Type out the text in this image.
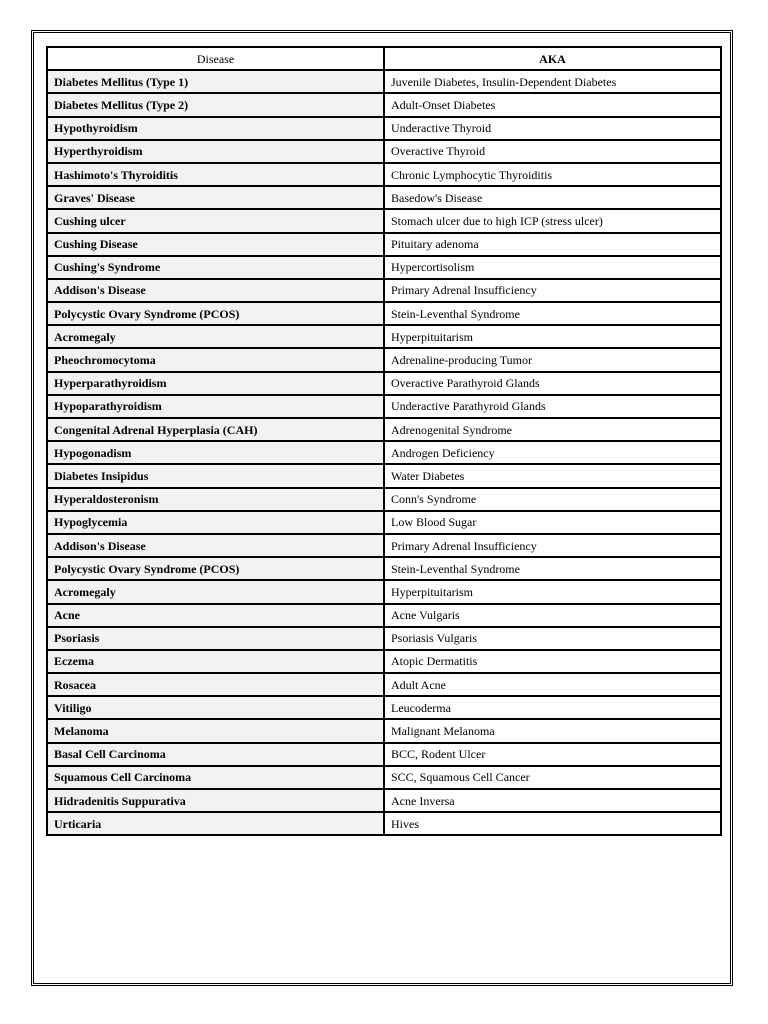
Disease	AKA
Diabetes Mellitus (Type 1)	Juvenile Diabetes, Insulin-Dependent Diabetes
Diabetes Mellitus (Type 2)	Adult-Onset Diabetes
Hypothyroidism	Underactive Thyroid
Hyperthyroidism	Overactive Thyroid
Hashimoto's Thyroiditis	Chronic Lymphocytic Thyroiditis
Graves' Disease	Basedow's Disease
Cushing ulcer	Stomach ulcer due to high ICP (stress ulcer)
Cushing Disease	Pituitary adenoma
Cushing's Syndrome	Hypercortisolism
Addison's Disease	Primary Adrenal Insufficiency
Polycystic Ovary Syndrome (PCOS)	Stein-Leventhal Syndrome
Acromegaly	Hyperpituitarism
Pheochromocytoma	Adrenaline-producing Tumor
Hyperparathyroidism	Overactive Parathyroid Glands
Hypoparathyroidism	Underactive Parathyroid Glands
Congenital Adrenal Hyperplasia (CAH)	Adrenogenital Syndrome
Hypogonadism	Androgen Deficiency
Diabetes Insipidus	Water Diabetes
Hyperaldosteronism	Conn's Syndrome
Hypoglycemia	Low Blood Sugar
Addison's Disease	Primary Adrenal Insufficiency
Polycystic Ovary Syndrome (PCOS)	Stein-Leventhal Syndrome
Acromegaly	Hyperpituitarism
Acne	Acne Vulgaris
Psoriasis	Psoriasis Vulgaris
Eczema	Atopic Dermatitis
Rosacea	Adult Acne
Vitiligo	Leucoderma
Melanoma	Malignant Melanoma
Basal Cell Carcinoma	BCC, Rodent Ulcer
Squamous Cell Carcinoma	SCC, Squamous Cell Cancer
Hidradenitis Suppurativa	Acne Inversa
Urticaria	Hives
